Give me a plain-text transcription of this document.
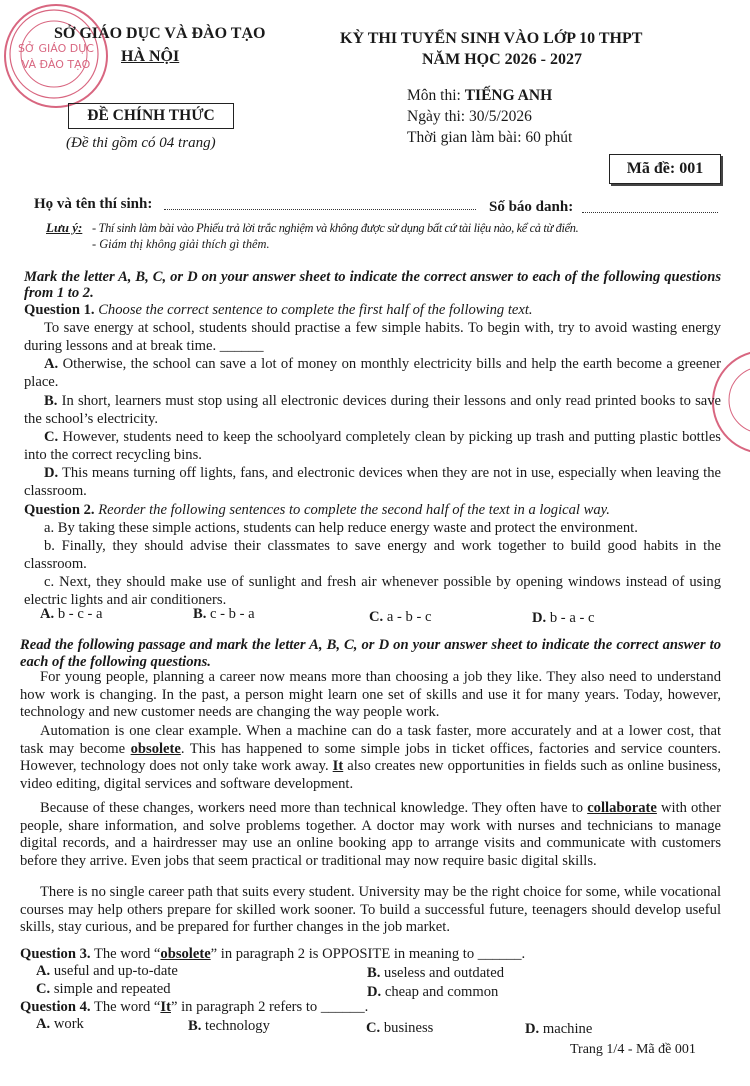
SỞ GIÁO DỤC
VÀ ĐÀO TẠO
SỞ GIÁO DỤC VÀ ĐÀO TẠO
HÀ NỘI
ĐỀ CHÍNH THỨC
(Đề thi gồm có 04 trang)
KỲ THI TUYỂN SINH VÀO LỚP 10 THPT
NĂM HỌC 2026 - 2027
Môn thi: TIẾNG ANH
Ngày thi: 30/5/2026
Thời gian làm bài: 60 phút
Mã đề: 001
Họ và tên thí sinh:	Số báo danh:
Lưu ý: - Thí sinh làm bài vào Phiếu trả lời trắc nghiệm và không được sử dụng bất cứ tài liệu nào, kể cả từ điển.
- Giám thị không giải thích gì thêm.
Mark the letter A, B, C, or D on your answer sheet to indicate the correct answer to each of the following questions from 1 to 2.
Question 1. Choose the correct sentence to complete the first half of the following text.
To save energy at school, students should practise a few simple habits. To begin with, try to avoid wasting energy during lessons and at break time. ______
A. Otherwise, the school can save a lot of money on monthly electricity bills and help the earth become a greener place.
B. In short, learners must stop using all electronic devices during their lessons and only read printed books to save the school’s electricity.
C. However, students need to keep the schoolyard completely clean by picking up trash and putting plastic bottles into the correct recycling bins.
D. This means turning off lights, fans, and electronic devices when they are not in use, especially when leaving the classroom.
Question 2. Reorder the following sentences to complete the second half of the text in a logical way.
a. By taking these simple actions, students can help reduce energy waste and protect the environment.
b. Finally, they should advise their classmates to save energy and work together to build good habits in the classroom.
c. Next, they should make use of sunlight and fresh air whenever possible by opening windows instead of using electric lights and air conditioners.
A. b - c - a	B. c - b - a	C. a - b - c	D. b - a - c
Read the following passage and mark the letter A, B, C, or D on your answer sheet to indicate the correct answer to each of the following questions.
For young people, planning a career now means more than choosing a job they like. They also need to understand how work is changing. In the past, a person might learn one set of skills and use it for many years. Today, however, technology and new customer needs are changing the way people work.
Automation is one clear example. When a machine can do a task faster, more accurately and at a lower cost, that task may become obsolete. This has happened to some simple jobs in ticket offices, factories and service counters. However, technology does not only take work away. It also creates new opportunities in fields such as online business, video editing, digital services and software development.
Because of these changes, workers need more than technical knowledge. They often have to collaborate with other people, share information, and solve problems together. A doctor may work with nurses and technicians to manage digital records, and a hairdresser may use an online booking app to arrange visits and communicate with customers before they arrive. Even jobs that seem practical or traditional may now require basic digital skills.
There is no single career path that suits every student. University may be the right choice for some, while vocational courses may help others prepare for skilled work sooner. To build a successful future, teenagers should develop useful skills, stay curious, and be prepared for further changes in the job market.
Question 3. The word “obsolete” in paragraph 2 is OPPOSITE in meaning to ______.
A. useful and up-to-date	B. useless and outdated
C. simple and repeated	D. cheap and common
Question 4. The word “It” in paragraph 2 refers to ______.
A. work	B. technology	C. business	D. machine
Trang 1/4 - Mã đề 001
